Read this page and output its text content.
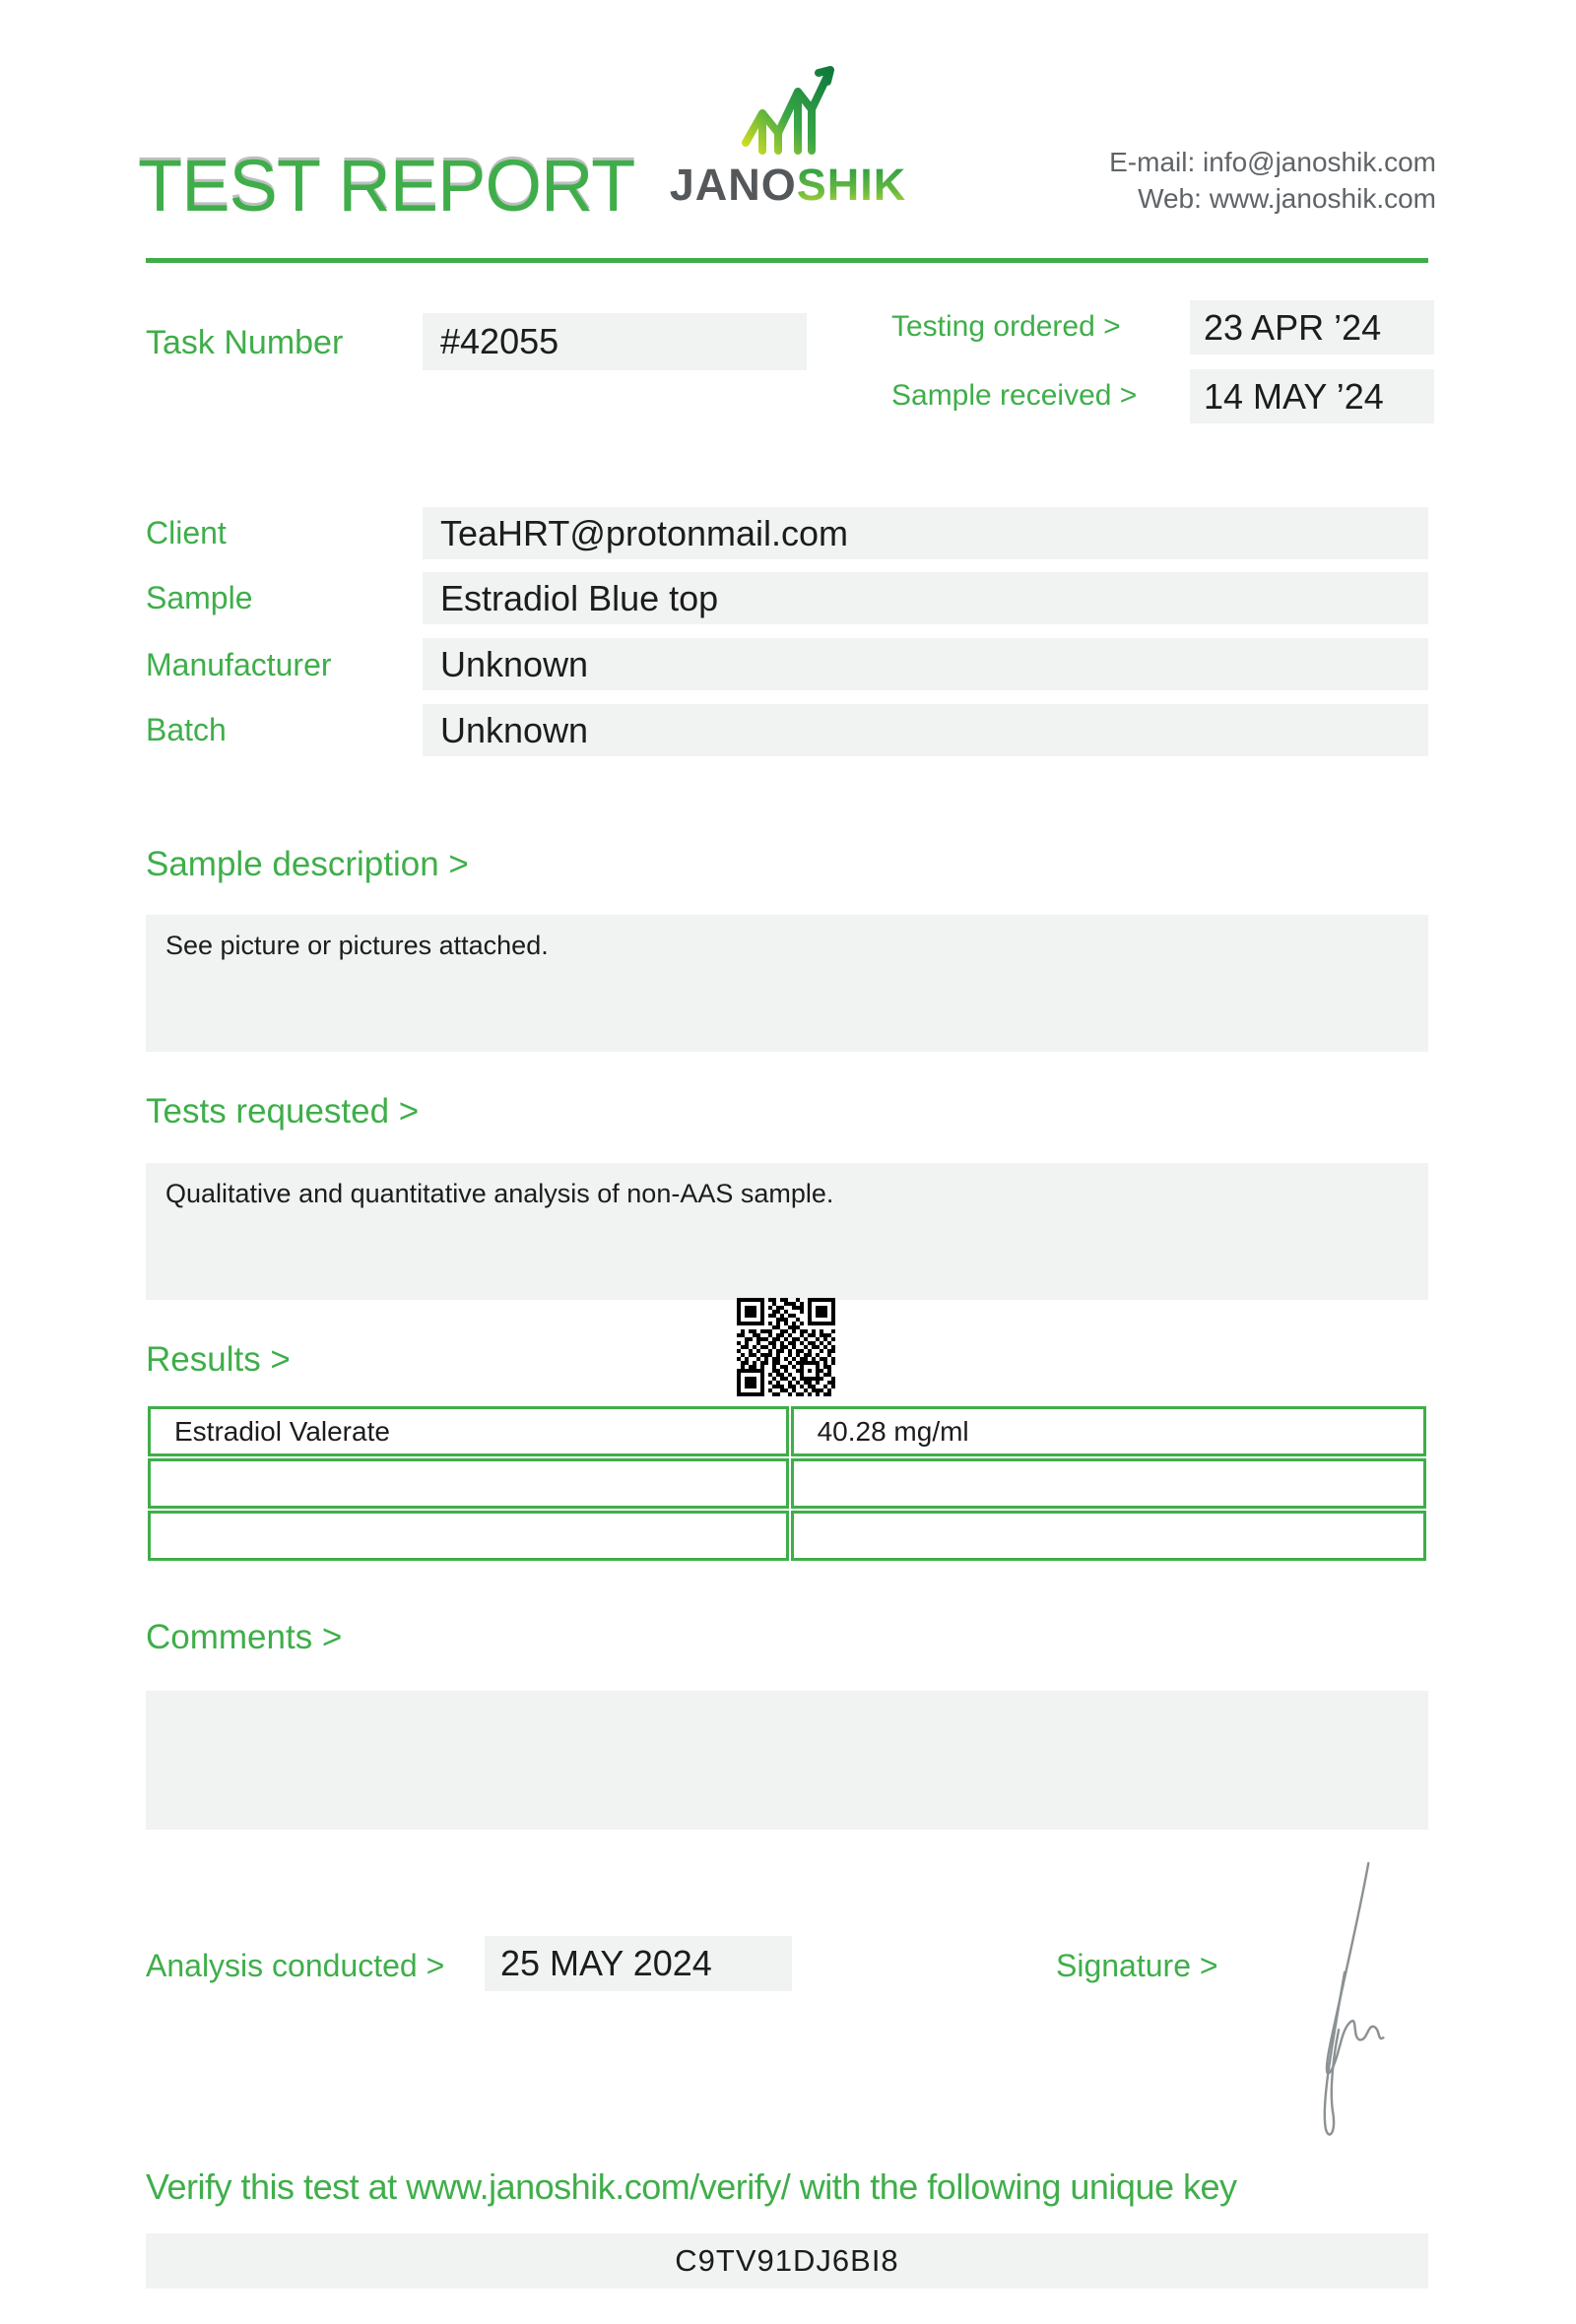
TEST REPORT JANOSHIK	E-mail: info@janoshik.com
Web: www.janoshik.com
Task Number	#42055	Testing ordered >	23 APR ’24
Sample received >	14 MAY ’24
Client	TeaHRT@protonmail.com
Sample	Estradiol Blue top
Manufacturer	Unknown
Batch	Unknown
Sample description >
See picture or pictures attached.
Tests requested >
Qualitative and quantitative analysis of non-AAS sample.
Results >
Estradiol Valerate	40.28 mg/ml

Comments >
Analysis conducted >	25 MAY 2024	Signature >
Verify this test at www.janoshik.com/verify/ with the following unique key
C9TV91DJ6BI8
